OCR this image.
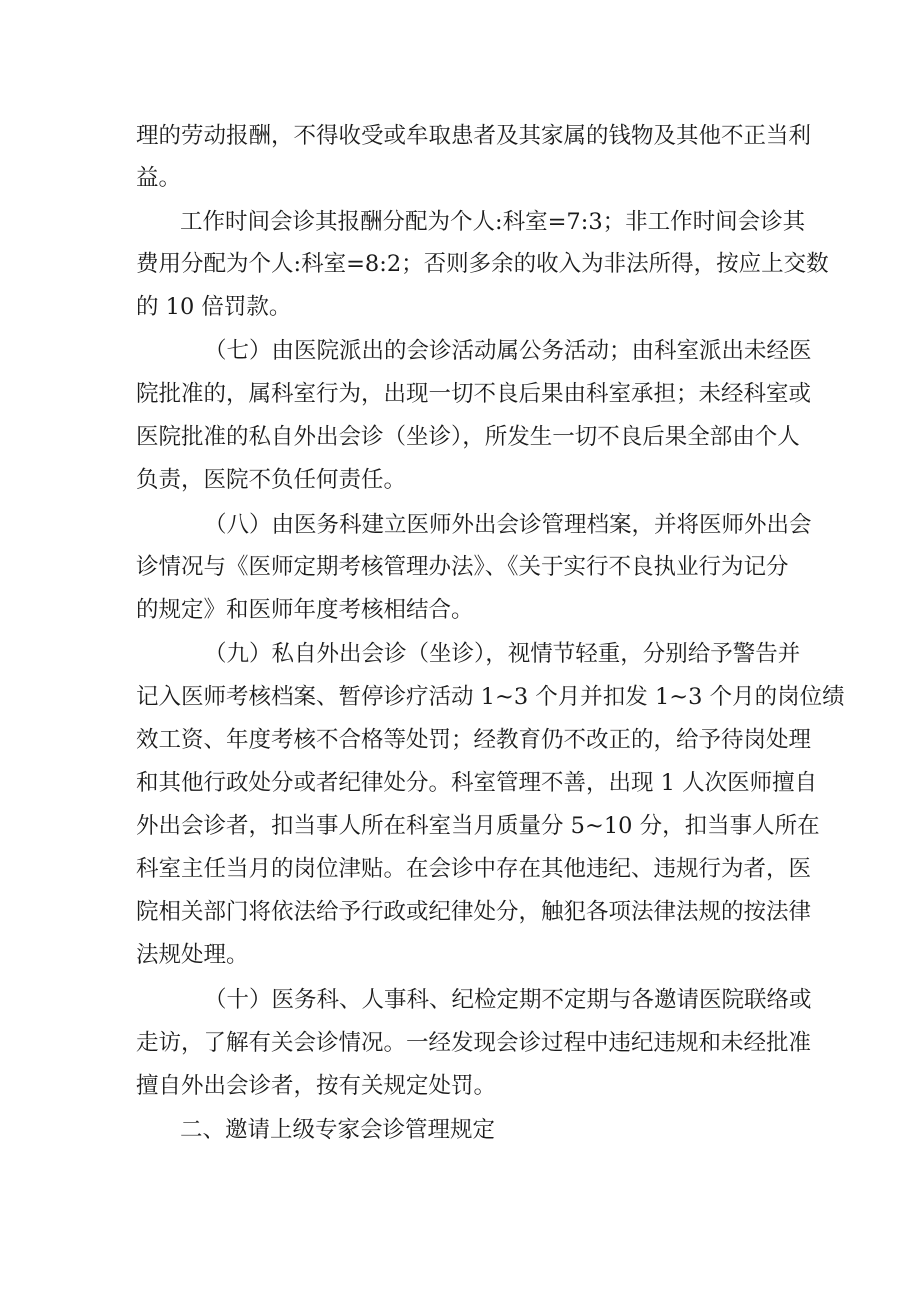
理的劳动报酬，不得收受或牟取患者及其家属的钱物及其他不正当利
益。
工作时间会诊其报酬分配为个人:科室=7:3；非工作时间会诊其
费用分配为个人:科室=8:2；否则多余的收入为非法所得，按应上交数
的 10 倍罚款。
（七）由医院派出的会诊活动属公务活动；由科室派出未经医
院批准的，属科室行为，出现一切不良后果由科室承担；未经科室或
医院批准的私自外出会诊（坐诊），所发生一切不良后果全部由个人
负责，医院不负任何责任。
（八）由医务科建立医师外出会诊管理档案，并将医师外出会
诊情况与《医师定期考核管理办法》、《关于实行不良执业行为记分
的规定》和医师年度考核相结合。
（九）私自外出会诊（坐诊），视情节轻重，分别给予警告并
记入医师考核档案、暂停诊疗活动 1~3 个月并扣发 1~3 个月的岗位绩
效工资、年度考核不合格等处罚；经教育仍不改正的，给予待岗处理
和其他行政处分或者纪律处分。科室管理不善，出现 1 人次医师擅自
外出会诊者，扣当事人所在科室当月质量分 5~10 分，扣当事人所在
科室主任当月的岗位津贴。在会诊中存在其他违纪、违规行为者，医
院相关部门将依法给予行政或纪律处分，触犯各项法律法规的按法律
法规处理。
（十）医务科、人事科、纪检定期不定期与各邀请医院联络或
走访，了解有关会诊情况。一经发现会诊过程中违纪违规和未经批准
擅自外出会诊者，按有关规定处罚。
二、邀请上级专家会诊管理规定
